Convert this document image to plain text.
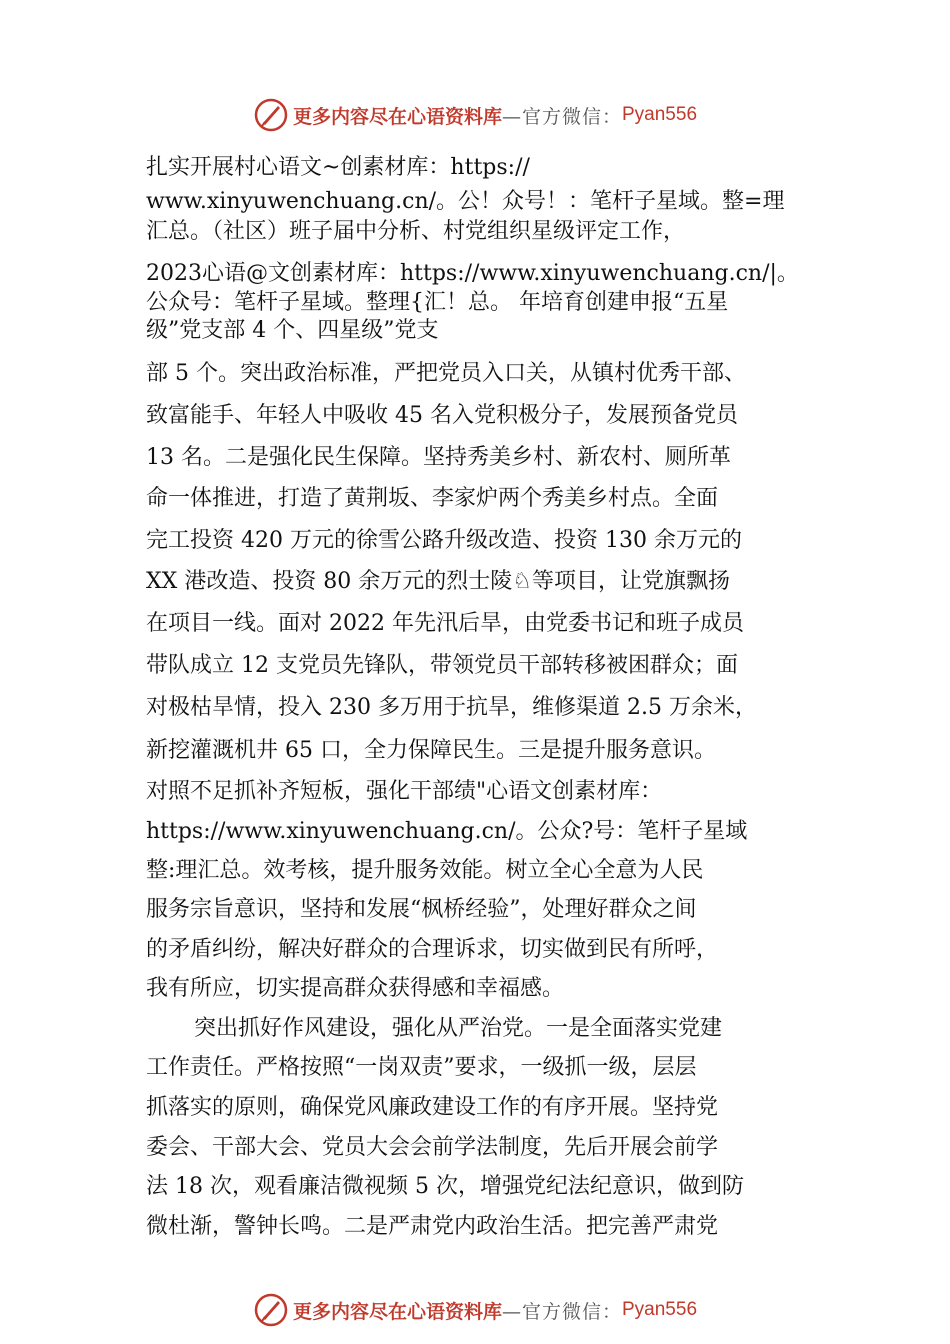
更多内容尽在心语资料库 —官方微信： Pyan556
扎实开展村心语文~创素材库：https://
www.xinyuwenchuang.cn/。公！众号！：笔杆子星域。整=理
汇总。（社区）班子届中分析、村党组织星级评定工作，
2023心语@文创素材库：https://www.xinyuwenchuang.cn/|。
公众号：笔杆子星域。整理{汇！总。 年培育创建申报“五星
级”党支部 4 个、四星级”党支
部 5 个。突出政治标准，严把党员入口关，从镇村优秀干部、
致富能手、年轻人中吸收 45 名入党积极分子，发展预备党员
13 名。二是强化民生保障。坚持秀美乡村、新农村、厕所革
命一体推进，打造了黄荆坂、李家炉两个秀美乡村点。全面
完工投资 420 万元的徐雪公路升级改造、投资 130 余万元的
XX 港改造、投资 80 余万元的烈士陵♘等项目，让党旗飘扬
在项目一线。面对 2022 年先汛后旱，由党委书记和班子成员
带队成立 12 支党员先锋队，带领党员干部转移被困群众；面
对极枯旱情，投入 230 多万用于抗旱，维修渠道 2.5 万余米，
新挖灌溉机井 65 口，全力保障民生。三是提升服务意识。
对照不足抓补齐短板，强化干部绩"心语文创素材库：
https://www.xinyuwenchuang.cn/。公众?号：笔杆子星域
整:理汇总。效考核，提升服务效能。树立全心全意为人民
服务宗旨意识，坚持和发展“枫桥经验”，处理好群众之间
的矛盾纠纷，解决好群众的合理诉求，切实做到民有所呼，
我有所应，切实提高群众获得感和幸福感。
突出抓好作风建设，强化从严治党。一是全面落实党建
工作责任。严格按照“一岗双责”要求，一级抓一级，层层
抓落实的原则，确保党风廉政建设工作的有序开展。坚持党
委会、干部大会、党员大会会前学法制度，先后开展会前学
法 18 次，观看廉洁微视频 5 次，增强党纪法纪意识，做到防
微杜渐，警钟长鸣。二是严肃党内政治生活。把完善严肃党
更多内容尽在心语资料库 —官方微信： Pyan556
